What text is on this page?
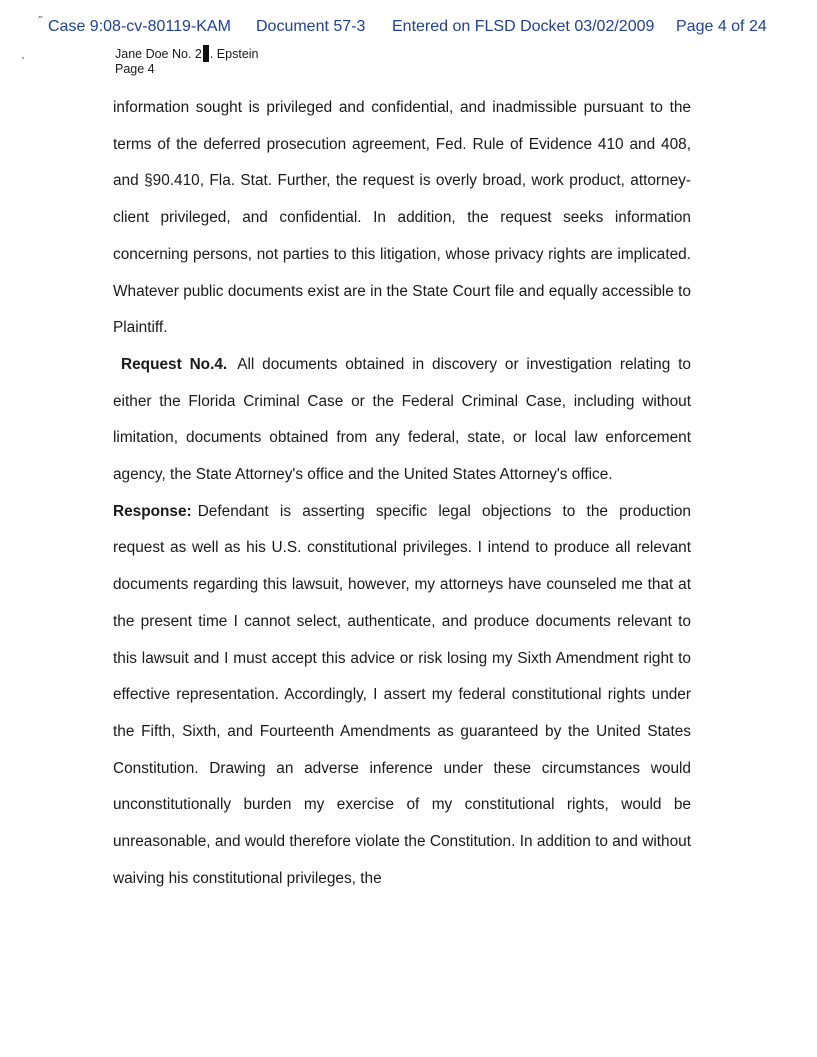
˝ Case 9:08-cv-80119-KAM Document 57-3 Entered on FLSD Docket 03/02/2009 Page 4 of 24
Jane Doe No. 2 . Epstein
Page 4

information sought is privileged and confidential, and inadmissible pursuant to the terms of the deferred prosecution agreement, Fed. Rule of Evidence 410 and 408, and §90.410, Fla. Stat. Further, the request is overly broad, work product, attorney-client privileged, and confidential. In addition, the request seeks information concerning persons, not parties to this litigation, whose privacy rights are implicated. Whatever public documents exist are in the State Court file and equally accessible to Plaintiff.

Request No.4. All documents obtained in discovery or investigation relating to either the Florida Criminal Case or the Federal Criminal Case, including without limitation, documents obtained from any federal, state, or local law enforcement agency, the State Attorney's office and the United States Attorney's office.

Response: Defendant is asserting specific legal objections to the production request as well as his U.S. constitutional privileges. I intend to produce all relevant documents regarding this lawsuit, however, my attorneys have counseled me that at the present time I cannot select, authenticate, and produce documents relevant to this lawsuit and I must accept this advice or risk losing my Sixth Amendment right to effective representation. Accordingly, I assert my federal constitutional rights under the Fifth, Sixth, and Fourteenth Amendments as guaranteed by the United States Constitution. Drawing an adverse inference under these circumstances would unconstitutionally burden my exercise of my constitutional rights, would be unreasonable, and would therefore violate the Constitution. In addition to and without waiving his constitutional privileges, the
